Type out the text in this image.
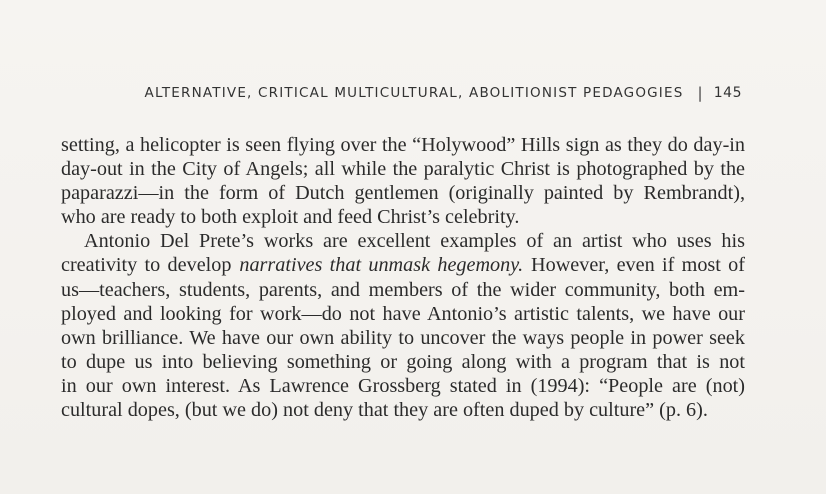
ALTERNATIVE, CRITICAL MULTICULTURAL, ABOLITIONIST PEDAGOGIES | 145
setting, a helicopter is seen flying over the “Holywood” Hills sign as they do day-in
day-out in the City of Angels; all while the paralytic Christ is photographed by the
paparazzi—in the form of Dutch gentlemen (originally painted by Rembrandt),
who are ready to both exploit and feed Christ’s celebrity.
Antonio Del Prete’s works are excellent examples of an artist who uses his
creativity to develop narratives that unmask hegemony. However, even if most of
us—teachers, students, parents, and members of the wider community, both em-
ployed and looking for work—do not have Antonio’s artistic talents, we have our
own brilliance. We have our own ability to uncover the ways people in power seek
to dupe us into believing something or going along with a program that is not
in our own interest. As Lawrence Grossberg stated in (1994): “People are (not)
cultural dopes, (but we do) not deny that they are often duped by culture” (p. 6).
